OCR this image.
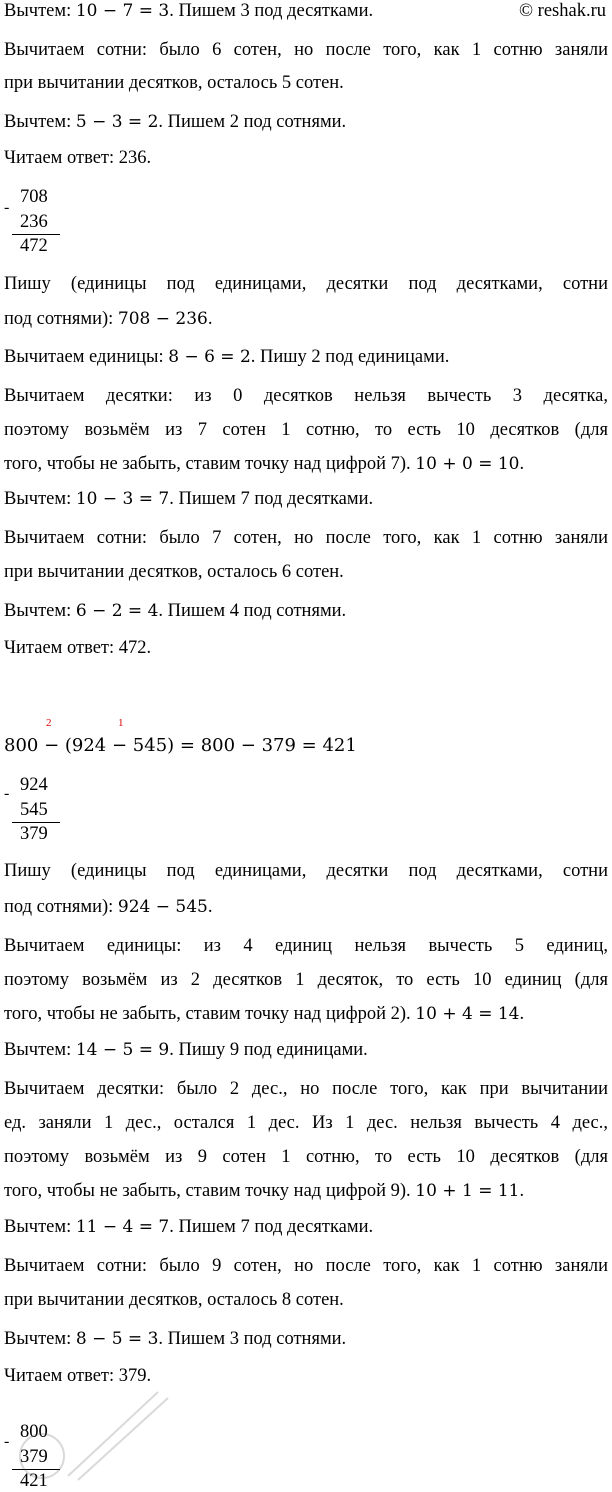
© reshak.ru
Вычтем: 10 − 7 = 3. Пишем 3 под десятками.
Вычитаем сотни: было 6 сотен, но после того, как 1 сотню заняли
при вычитании десятков, осталось 5 сотен.
Вычтем: 5 − 3 = 2. Пишем 2 под сотнями.
Читаем ответ: 236.
-
708
236
472
Пишу (единицы под единицами, десятки под десятками, сотни
под сотнями): 708 − 236.
Вычитаем единицы: 8 − 6 = 2. Пишу 2 под единицами.
Вычитаем десятки: из 0 десятков нельзя вычесть 3 десятка,
поэтому возьмём из 7 сотен 1 сотню, то есть 10 десятков (для
того, чтобы не забыть, ставим точку над цифрой 7). 10 + 0 = 10.
Вычтем: 10 − 3 = 7. Пишем 7 под десятками.
Вычитаем сотни: было 7 сотен, но после того, как 1 сотню заняли
при вычитании десятков, осталось 6 сотен.
Вычтем: 6 − 2 = 4. Пишем 4 под сотнями.
Читаем ответ: 472.
2	1
800 − (924 − 545) = 800 − 379 = 421
- 924
545
379
Пишу (единицы под единицами, десятки под десятками, сотни
под сотнями): 924 − 545.
Вычитаем единицы: из 4 единиц нельзя вычесть 5 единиц,
поэтому возьмём из 2 десятков 1 десяток, то есть 10 единиц (для
того, чтобы не забыть, ставим точку над цифрой 2). 10 + 4 = 14.
Вычтем: 14 − 5 = 9. Пишу 9 под единицами.
Вычитаем десятки: было 2 дес., но после того, как при вычитании
ед. заняли 1 дес., остался 1 дес. Из 1 дес. нельзя вычесть 4 дес.,
поэтому возьмём из 9 сотен 1 сотню, то есть 10 десятков (для
того, чтобы не забыть, ставим точку над цифрой 9). 10 + 1 = 11.
Вычтем: 11 − 4 = 7. Пишем 7 под десятками.
Вычитаем сотни: было 9 сотен, но после того, как 1 сотню заняли
при вычитании десятков, осталось 8 сотен.
Вычтем: 8 − 5 = 3. Пишем 3 под сотнями.
Читаем ответ: 379.
- 800
379
421
